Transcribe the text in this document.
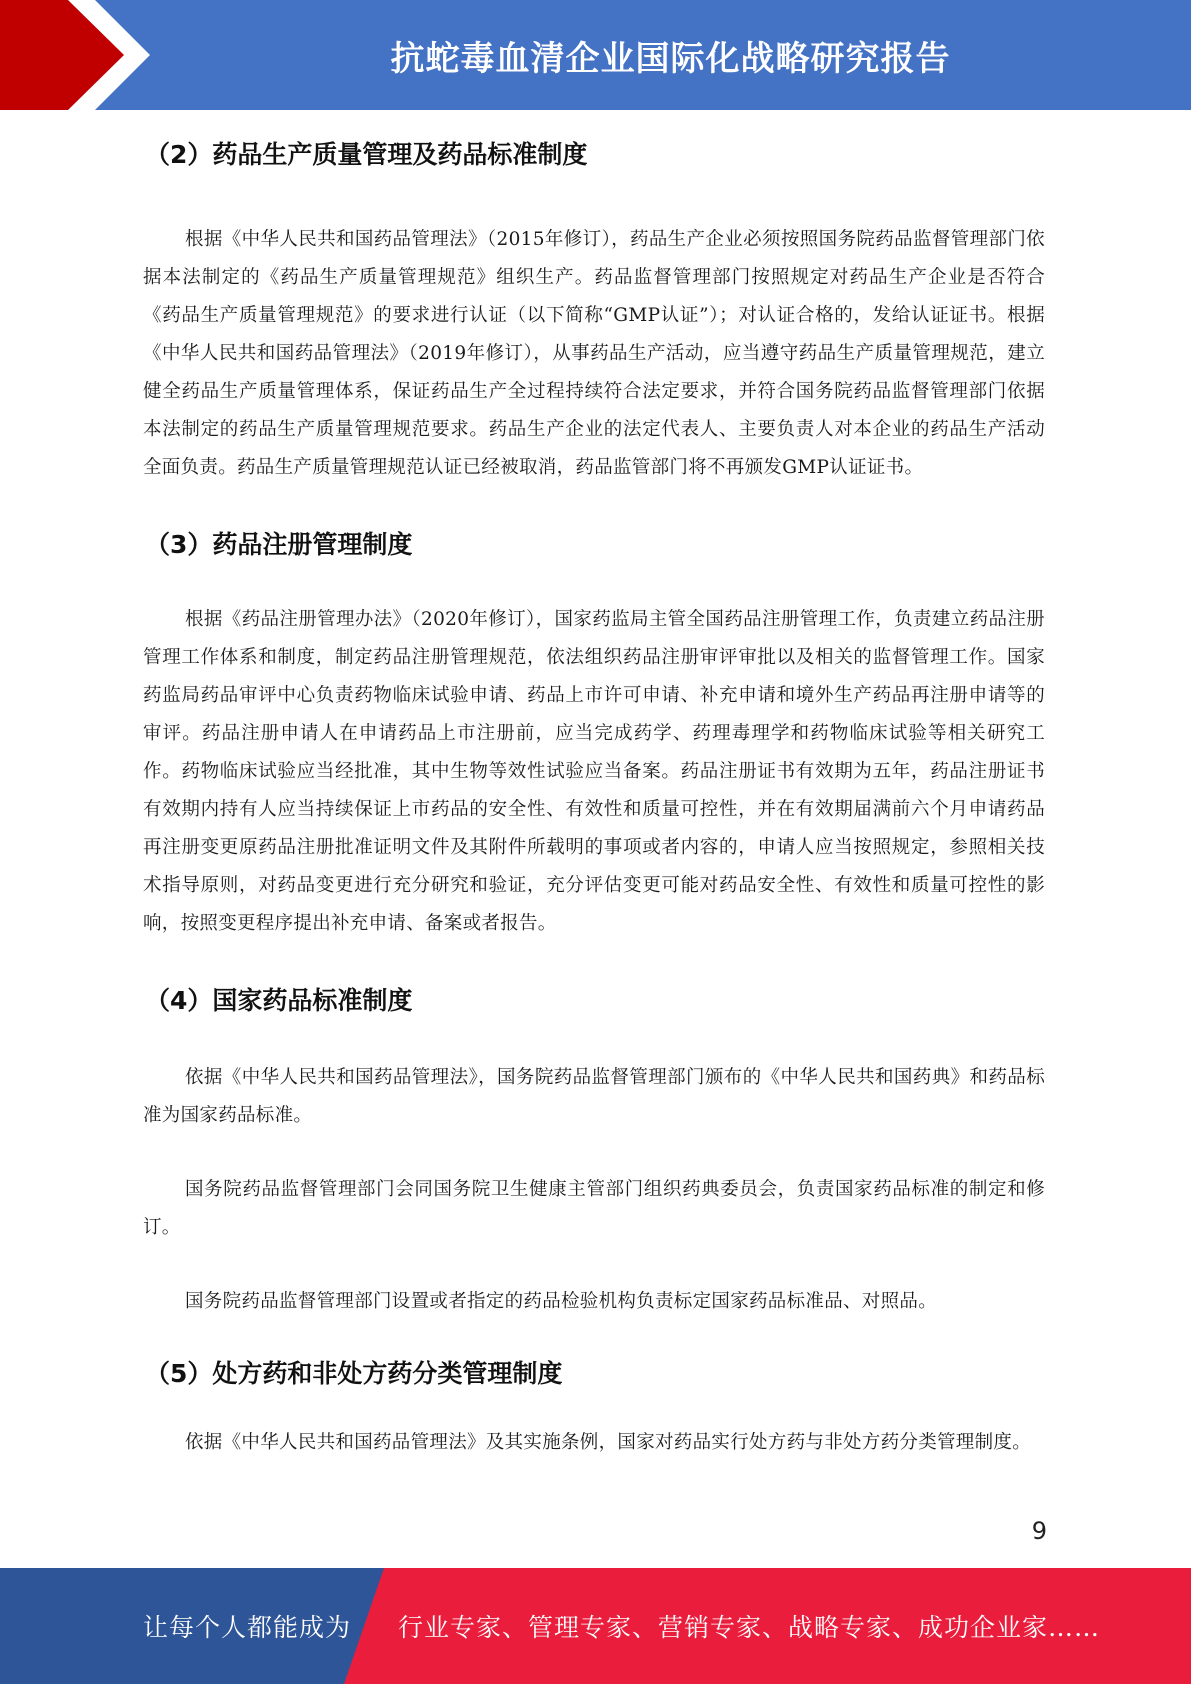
抗蛇毒血清企业国际化战略研究报告
（2）药品生产质量管理及药品标准制度

根据《中华人民共和国药品管理法》（2015年修订），药品生产企业必须按照国务院药品监督管理部门依据本法制定的《药品生产质量管理规范》组织生产。药品监督管理部门按照规定对药品生产企业是否符合《药品生产质量管理规范》的要求进行认证（以下简称“GMP认证”）；对认证合格的，发给认证证书。根据《中华人民共和国药品管理法》（2019年修订），从事药品生产活动，应当遵守药品生产质量管理规范，建立健全药品生产质量管理体系，保证药品生产全过程持续符合法定要求，并符合国务院药品监督管理部门依据本法制定的药品生产质量管理规范要求。药品生产企业的法定代表人、主要负责人对本企业的药品生产活动全面负责。药品生产质量管理规范认证已经被取消，药品监管部门将不再颁发GMP认证证书。

（3）药品注册管理制度

根据《药品注册管理办法》（2020年修订），国家药监局主管全国药品注册管理工作，负责建立药品注册管理工作体系和制度，制定药品注册管理规范，依法组织药品注册审评审批以及相关的监督管理工作。国家药监局药品审评中心负责药物临床试验申请、药品上市许可申请、补充申请和境外生产药品再注册申请等的审评。药品注册申请人在申请药品上市注册前，应当完成药学、药理毒理学和药物临床试验等相关研究工作。药物临床试验应当经批准，其中生物等效性试验应当备案。药品注册证书有效期为五年，药品注册证书有效期内持有人应当持续保证上市药品的安全性、有效性和质量可控性，并在有效期届满前六个月申请药品再注册变更原药品注册批准证明文件及其附件所载明的事项或者内容的，申请人应当按照规定，参照相关技术指导原则，对药品变更进行充分研究和验证，充分评估变更可能对药品安全性、有效性和质量可控性的影响，按照变更程序提出补充申请、备案或者报告。

（4）国家药品标准制度

依据《中华人民共和国药品管理法》，国务院药品监督管理部门颁布的《中华人民共和国药典》和药品标准为国家药品标准。

国务院药品监督管理部门会同国务院卫生健康主管部门组织药典委员会，负责国家药品标准的制定和修订。

国务院药品监督管理部门设置或者指定的药品检验机构负责标定国家药品标准品、对照品。

（5）处方药和非处方药分类管理制度

依据《中华人民共和国药品管理法》及其实施条例，国家对药品实行处方药与非处方药分类管理制度。

9
让每个人都能成为 行业专家、管理专家、营销专家、战略专家、成功企业家……
